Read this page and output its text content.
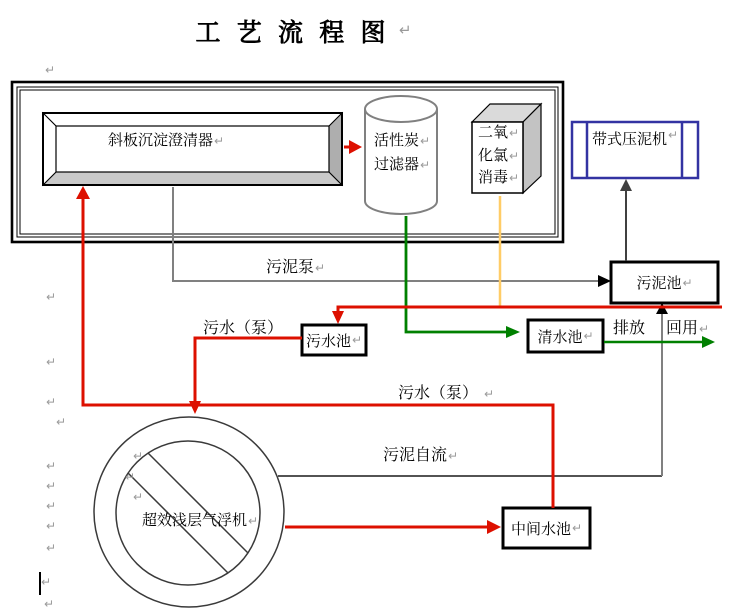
工 艺 流 程 图 ↵
斜板沉淀澄清器↵	活性炭↵
过滤器↵
二氧↵
化氯↵
消毒↵
带式压泥机 ↵
污泥池 ↵
污水池 ↵	清水池 ↵
中间水池 ↵
超效浅层气浮机↵
污泥泵↵
污水（泵）
污水（泵） ↵
污泥自流↵
排放 回用↵
↵
↵
↵
↵
↵
↵
↵
↵
↵
↵
↵
↵
↵
↵
↵
